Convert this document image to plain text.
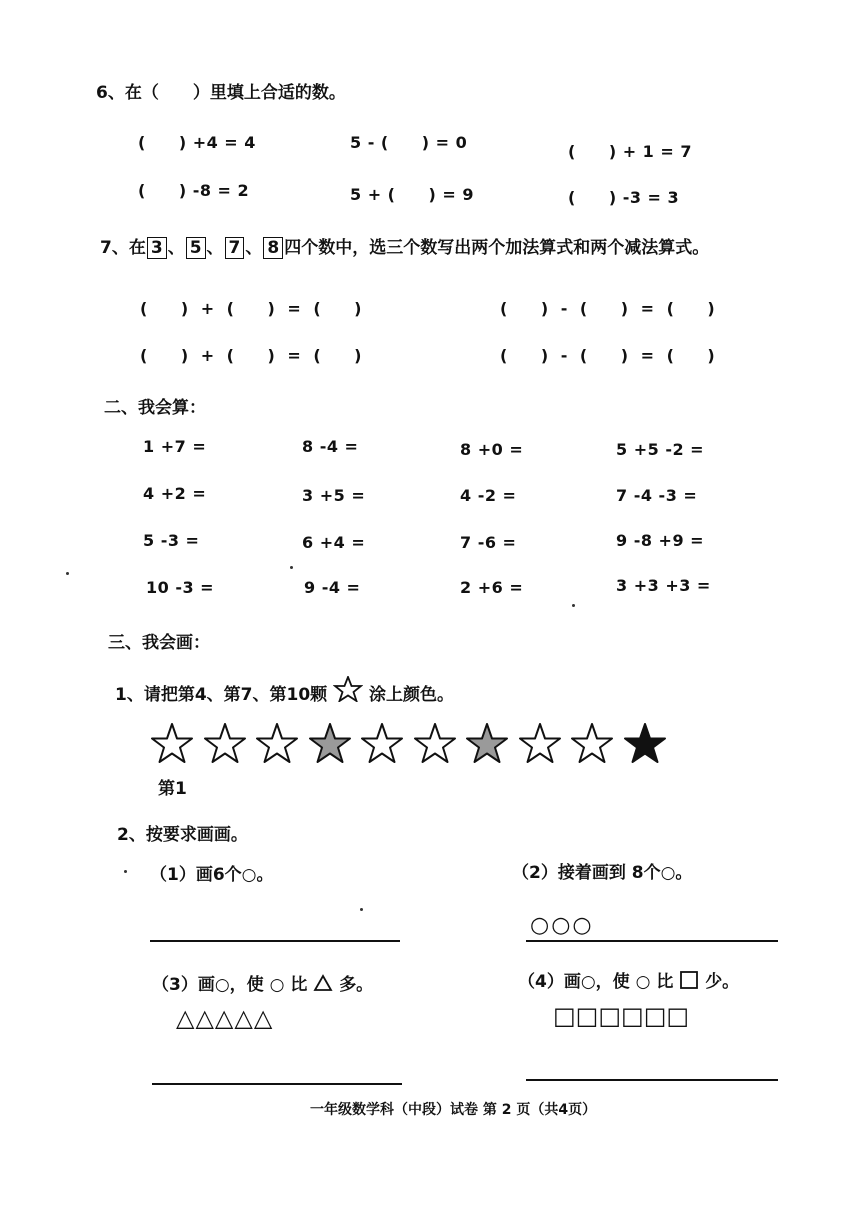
6、在（　　）里填上合适的数。
(　　) +4 = 4	5 - (　　) = 0	(　　) + 1 = 7
(　　) -8 = 2	5 + (　　) = 9	(　　) -3 = 3
7、在 3 、 5 、 7 、 8 四个数中，选三个数写出两个加法算式和两个减法算式。
(　　) + (　　) = (　　)	(　　) - (　　) = (　　)
(　　) + (　　) = (　　)	(　　) - (　　) = (　　)
二、我会算：
1 +7 =	8 -4 =	8 +0 =	5 +5 -2 =
4 +2 =	3 +5 =	4 -2 =	7 -4 -3 =
5 -3 =	6 +4 =	7 -6 =	9 -8 +9 =
10 -3 =	9 -4 =	2 +6 =	3 +3 +3 =
三、我会画：
1、请把第4、第7、第10颗 涂上颜色。
第1
2、按要求画画。
（1）画6个○。	（2）接着画到 8个○。
○○○
（3）画○，使 ○ 比 多。	（4）画○，使 ○ 比 少。
△△△△△	□□□□□□
一年级数学科（中段）试卷 第 2 页（共4页）
